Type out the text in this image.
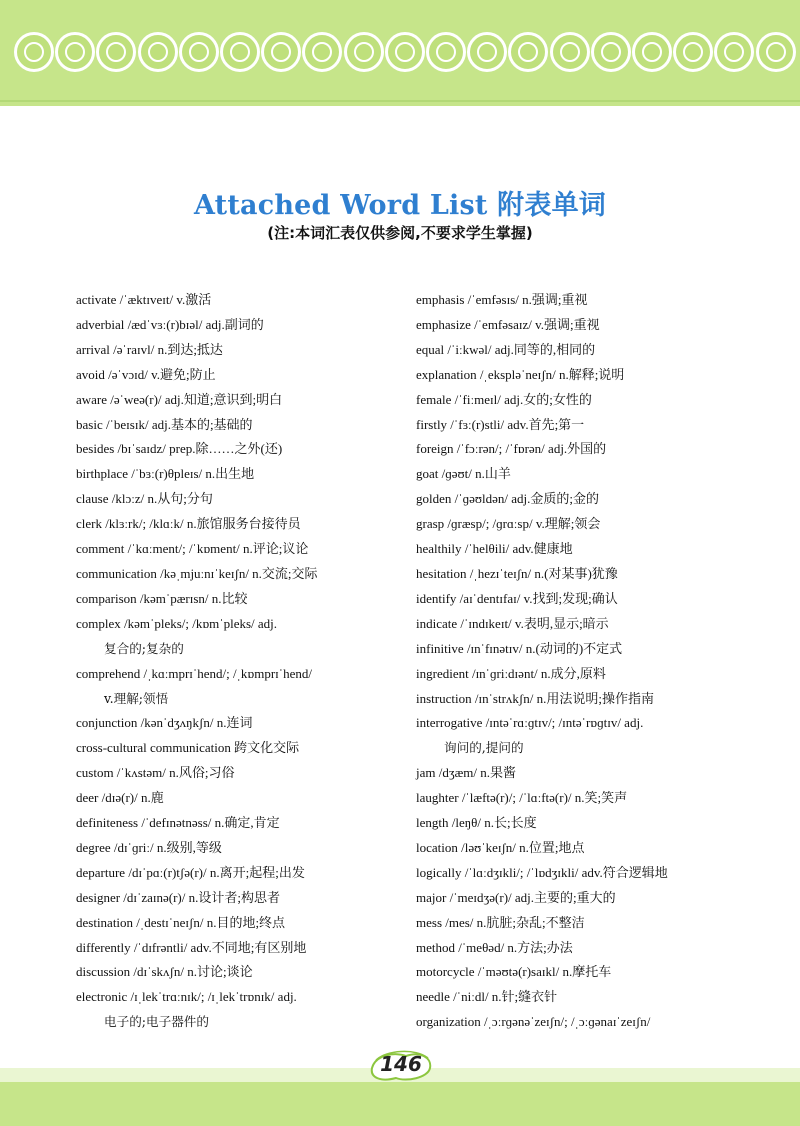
Attached Word List 附表单词
(注:本词汇表仅供参阅,不要求学生掌握)
activate /ˈæktɪveɪt/ v.激活
adverbial /ædˈvɜː(r)bɪəl/ adj.副词的
arrival /əˈraɪvl/ n.到达;抵达
avoid /əˈvɔɪd/ v.避免;防止
aware /əˈweə(r)/ adj.知道;意识到;明白
basic /ˈbeɪsɪk/ adj.基本的;基础的
besides /bɪˈsaɪdz/ prep.除……之外(还)
birthplace /ˈbɜː(r)θpleɪs/ n.出生地
clause /klɔːz/ n.从句;分句
clerk /klɜːrk/; /klɑːk/ n.旅馆服务台接待员
comment /ˈkɑːment/; /ˈkɒment/ n.评论;议论
communication /kəˌmjuːnɪˈkeɪʃn/ n.交流;交际
comparison /kəmˈpærɪsn/ n.比较
complex /kəmˈpleks/; /kɒmˈpleks/ adj.
复合的;复杂的
comprehend /ˌkɑːmprɪˈhend/; /ˌkɒmprɪˈhend/
v.理解;领悟
conjunction /kənˈdʒʌŋkʃn/ n.连词
cross-cultural communication 跨文化交际
custom /ˈkʌstəm/ n.风俗;习俗
deer /dɪə(r)/ n.鹿
definiteness /ˈdefɪnətnəss/ n.确定,肯定
degree /dɪˈɡriː/ n.级别,等级
departure /dɪˈpɑː(r)tʃə(r)/ n.离开;起程;出发
designer /dɪˈzaɪnə(r)/ n.设计者;构思者
destination /ˌdestɪˈneɪʃn/ n.目的地;终点
differently /ˈdɪfrəntli/ adv.不同地;有区别地
discussion /dɪˈskʌʃn/ n.讨论;谈论
electronic /ɪˌlekˈtrɑːnɪk/; /ɪˌlekˈtrɒnɪk/ adj.
电子的;电子器件的
emphasis /ˈemfəsɪs/ n.强调;重视
emphasize /ˈemfəsaɪz/ v.强调;重视
equal /ˈiːkwəl/ adj.同等的,相同的
explanation /ˌekspləˈneɪʃn/ n.解释;说明
female /ˈfiːmeɪl/ adj.女的;女性的
firstly /ˈfɜː(r)stli/ adv.首先;第一
foreign /ˈfɔːrən/; /ˈfɒrən/ adj.外国的
goat /ɡəʊt/ n.山羊
golden /ˈɡəʊldən/ adj.金质的;金的
grasp /ɡræsp/; /ɡrɑːsp/ v.理解;领会
healthily /ˈhelθili/ adv.健康地
hesitation /ˌhezɪˈteɪʃn/ n.(对某事)犹豫
identify /aɪˈdentɪfaɪ/ v.找到;发现;确认
indicate /ˈɪndɪkeɪt/ v.表明,显示;暗示
infinitive /ɪnˈfɪnətɪv/ n.(动词的)不定式
ingredient /ɪnˈɡriːdɪənt/ n.成分,原料
instruction /ɪnˈstrʌkʃn/ n.用法说明;操作指南
interrogative /ɪntəˈrɑːɡtɪv/; /ɪntəˈrɒɡtɪv/ adj.
询问的,提问的
jam /dʒæm/ n.果酱
laughter /ˈlæftə(r)/; /ˈlɑːftə(r)/ n.笑;笑声
length /leŋθ/ n.长;长度
location /ləʊˈkeɪʃn/ n.位置;地点
logically /ˈlɑːdʒɪkli/; /ˈlɒdʒɪkli/ adv.符合逻辑地
major /ˈmeɪdʒə(r)/ adj.主要的;重大的
mess /mes/ n.肮脏;杂乱;不整洁
method /ˈmeθəd/ n.方法;办法
motorcycle /ˈməʊtə(r)saɪkl/ n.摩托车
needle /ˈniːdl/ n.针;缝衣针
organization /ˌɔːrɡənəˈzeɪʃn/; /ˌɔːɡənaɪˈzeɪʃn/
146
